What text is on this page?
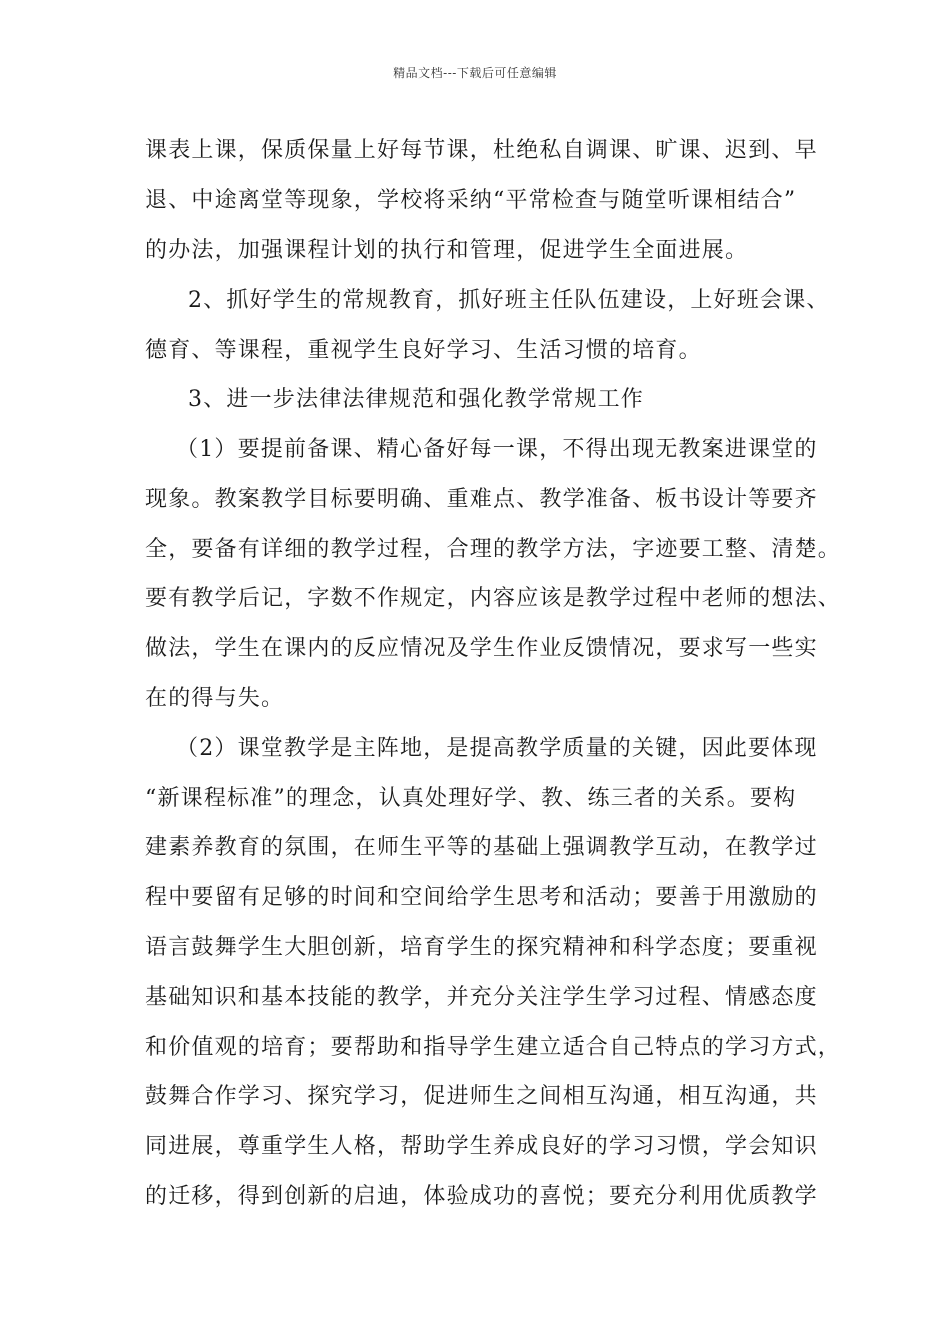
精品文档---下载后可任意编辑
课表上课，保质保量上好每节课，杜绝私自调课、旷课、迟到、早
退、中途离堂等现象，学校将采纳“平常检查与随堂听课相结合”
的办法，加强课程计划的执行和管理，促进学生全面进展。
2、抓好学生的常规教育，抓好班主任队伍建设，上好班会课、
德育、等课程，重视学生良好学习、生活习惯的培育。
3、进一步法律法律规范和强化教学常规工作
（1）要提前备课、精心备好每一课，不得出现无教案进课堂的
现象。教案教学目标要明确、重难点、教学准备、板书设计等要齐
全，要备有详细的教学过程，合理的教学方法，字迹要工整、清楚。
要有教学后记，字数不作规定，内容应该是教学过程中老师的想法、
做法，学生在课内的反应情况及学生作业反馈情况，要求写一些实
在的得与失。
（2）课堂教学是主阵地，是提高教学质量的关键，因此要体现
“新课程标准”的理念，认真处理好学、教、练三者的关系。要构
建素养教育的氛围，在师生平等的基础上强调教学互动，在教学过
程中要留有足够的时间和空间给学生思考和活动；要善于用激励的
语言鼓舞学生大胆创新，培育学生的探究精神和科学态度；要重视
基础知识和基本技能的教学，并充分关注学生学习过程、情感态度
和价值观的培育；要帮助和指导学生建立适合自己特点的学习方式，
鼓舞合作学习、探究学习，促进师生之间相互沟通，相互沟通，共
同进展，尊重学生人格，帮助学生养成良好的学习习惯，学会知识
的迁移，得到创新的启迪，体验成功的喜悦；要充分利用优质教学
